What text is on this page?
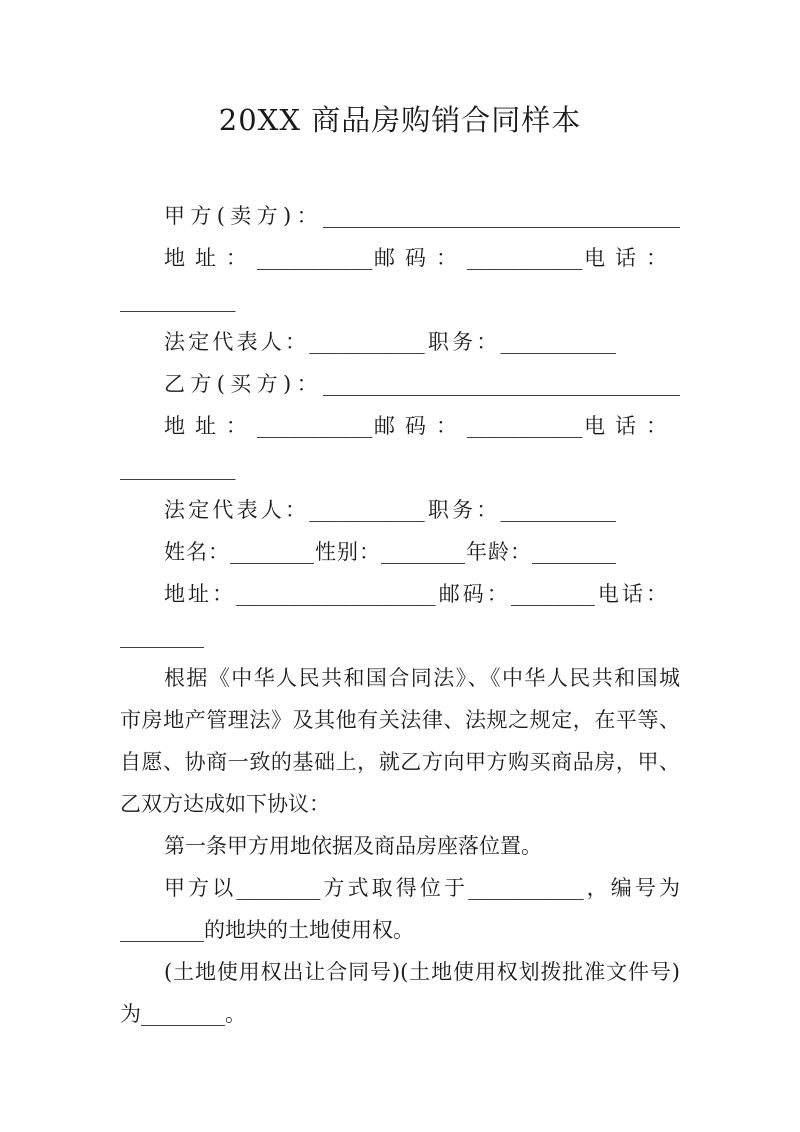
20XX 商品房购销合同样本
甲方(卖方)：__________________________________
地 址 ： ___________邮 码 ： ___________电 话 ：
___________
法定代表人：___________职务：___________
乙方(买方)：__________________________________
地 址 ： ___________邮 码 ： ___________电 话 ：
___________
法定代表人：___________职务：___________
姓名：________性别：________年龄：________
地址：___________________邮码：________电话：
________
根据《中华人民共和国合同法》、《中华人民共和国城
市房地产管理法》及其他有关法律、法规之规定，在平等、
自愿、协商一致的基础上，就乙方向甲方购买商品房，甲、
乙双方达成如下协议：
第一条甲方用地依据及商品房座落位置。
甲方以________方式取得位于___________，编号为
________的地块的土地使用权。
(土地使用权出让合同号)(土地使用权划拨批准文件号)
为________。
